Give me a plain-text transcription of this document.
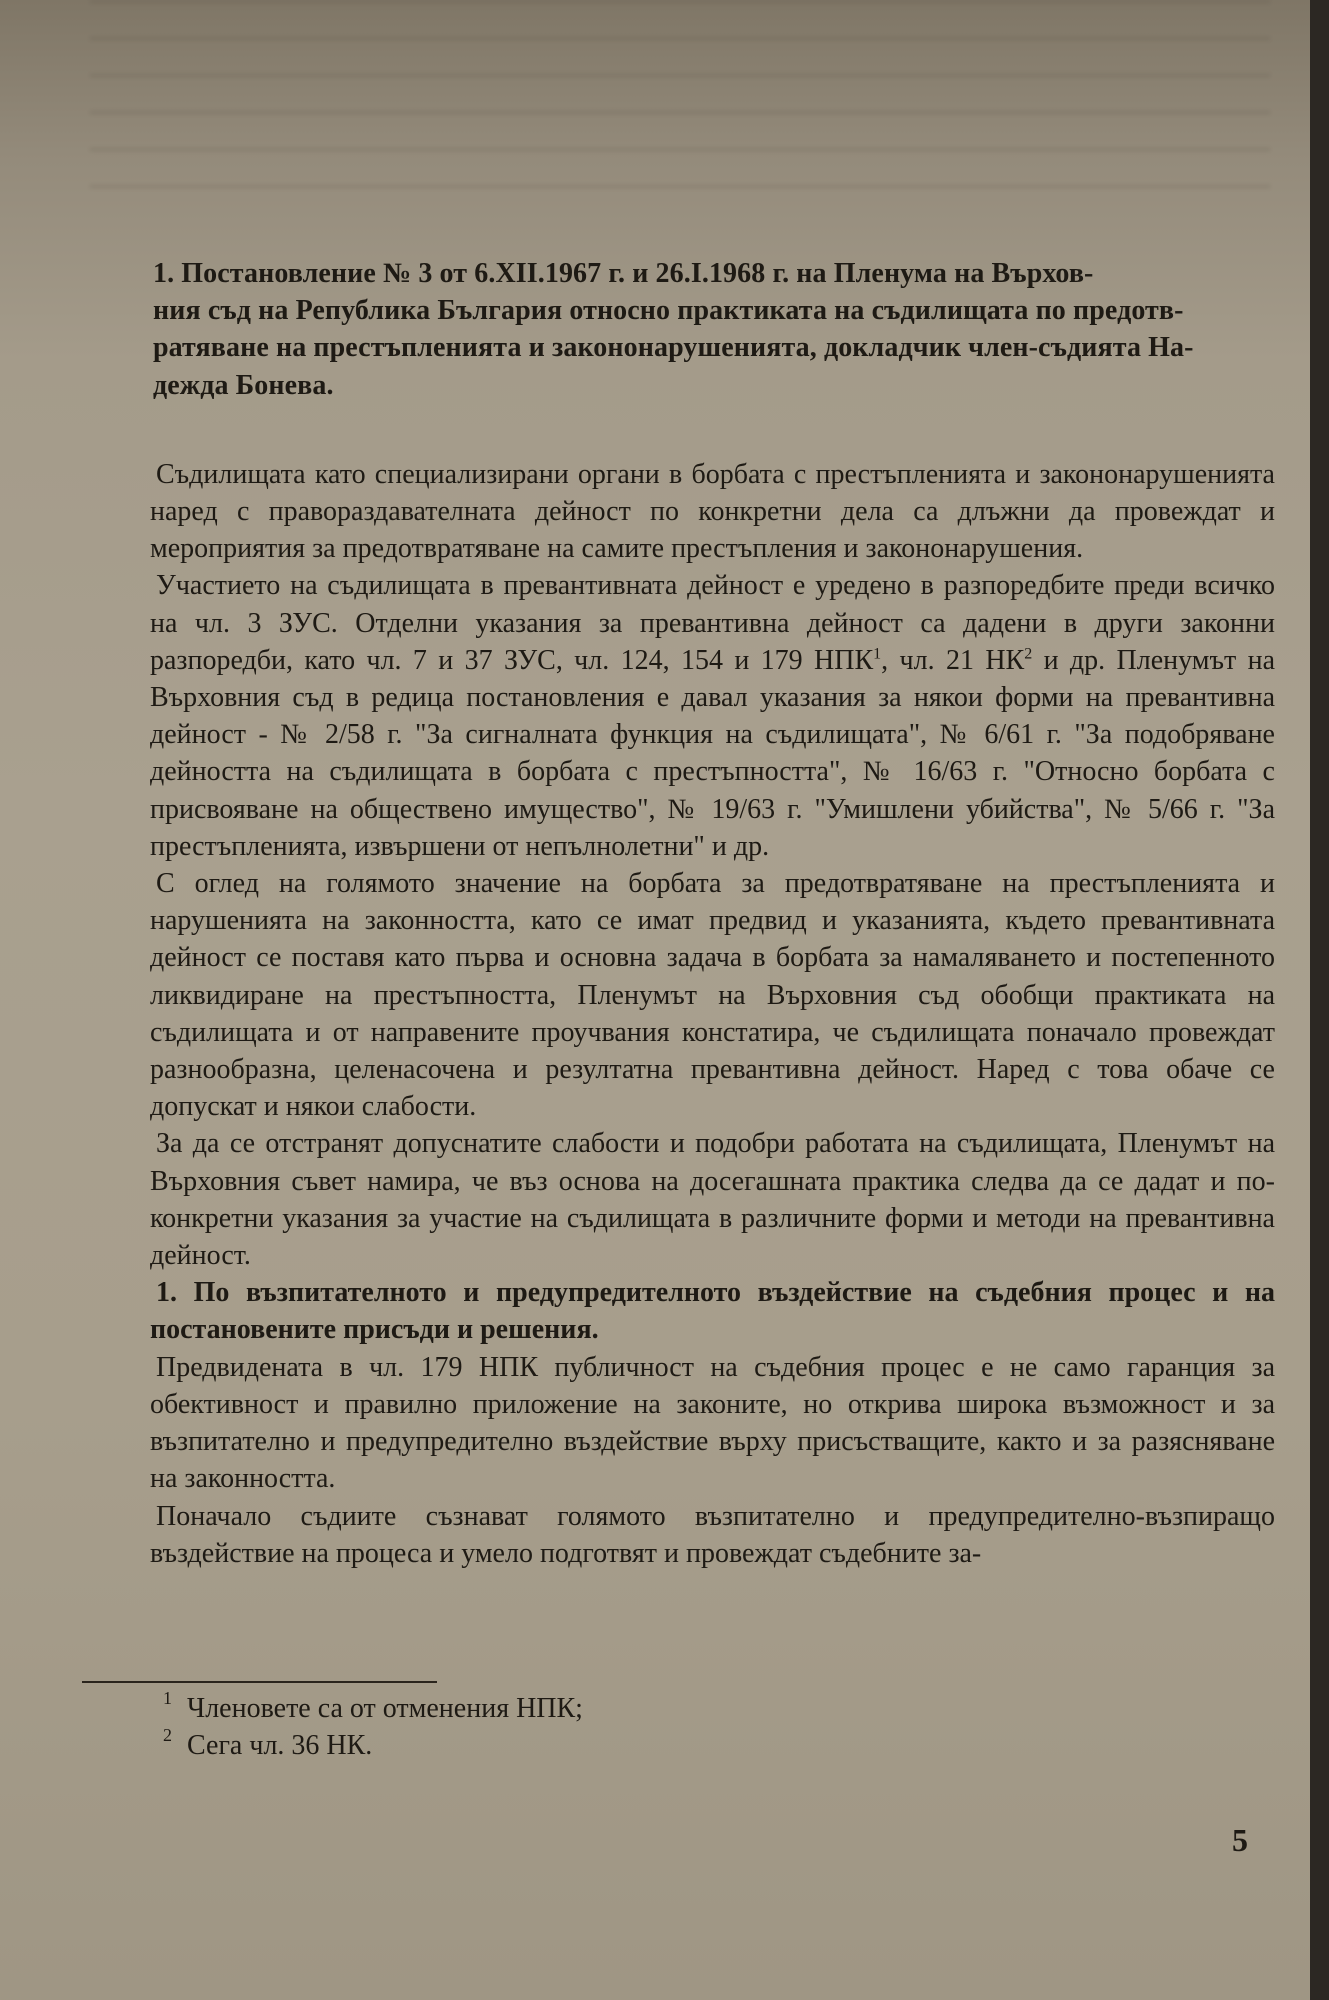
1. Постановление № 3 от 6.XII.1967 г. и 26.I.1968 г. на Пленума на Върхов-
ния съд на Република България относно практиката на съдилищата по предотв-
ратяване на престъпленията и закононарушенията, докладчик член-съдията На-
дежда Бонева.

Съдилищата като специализирани органи в борбата с престъпленията и закононарушенията наред с правораздавателната дейност по конкретни дела са длъжни да провеждат и мероприятия за предотвратяване на самите престъпления и закононарушения.

Участието на съдилищата в превантивната дейност е уредено в разпоредбите преди всичко на чл. 3 ЗУС. Отделни указания за превантивна дейност са дадени в други законни разпоредби, като чл. 7 и 37 ЗУС, чл. 124, 154 и 179 НПК$^1$, чл. 21 $НК^2$ и др. Пленумът на Върховния съд в редица постановления е давал указания за някои форми на превантивна дейност - № 2/58 г. "За сигналната функция на съдилищата", № 6/61 г. "За подобряване дейността на съдилищата в борбата с престъпността", № 16/63 г. "Относно борбата с присвояване на обществено имущество", № 19/63 г. "Умишлени убийства", № 5/66 г. "За престъпленията, извършени от непълнолетни" и др.

С оглед на голямото значение на борбата за предотвратяване на престъпленията и нарушенията на законността, като се имат предвид и указанията, където превантивната дейност се поставя като първа и основна задача в борбата за намаляването и постепенното ликвидиране на престъпността, Пленумът на Върховния съд обобщи практиката на съдилищата и от направените проучвания констатира, че съдилищата поначало провеждат разнообразна, целенасочена и резултатна превантивна дейност. Наред с това обаче се допускат и някои слабости.

За да се отстранят допуснатите слабости и подобри работата на съдилищата, Пленумът на Върховния съвет намира, че въз основа на досегашната практика следва да се дадат и по-конкретни указания за участие на съдилищата в различните форми и методи на превантивна дейност.

1. По възпитателното и предупредителното въздействие на съдебния процес и на постановените присъди и решения.

Предвидената в чл. 179 НПК публичност на съдебния процес е не само гаранция за обективност и правилно приложение на законите, но открива широка възможност и за възпитателно и предупредително въздействие върху присъстващите, както и за разясняване на законността.

Поначало съдиите съзнават голямото възпитателно и предупредително-възпиращо въздействие на процеса и умело подготвят и провеждат съдебните за-

1 Членовете са от отменения НПК;
2 Сега чл. 36 НК.
5
